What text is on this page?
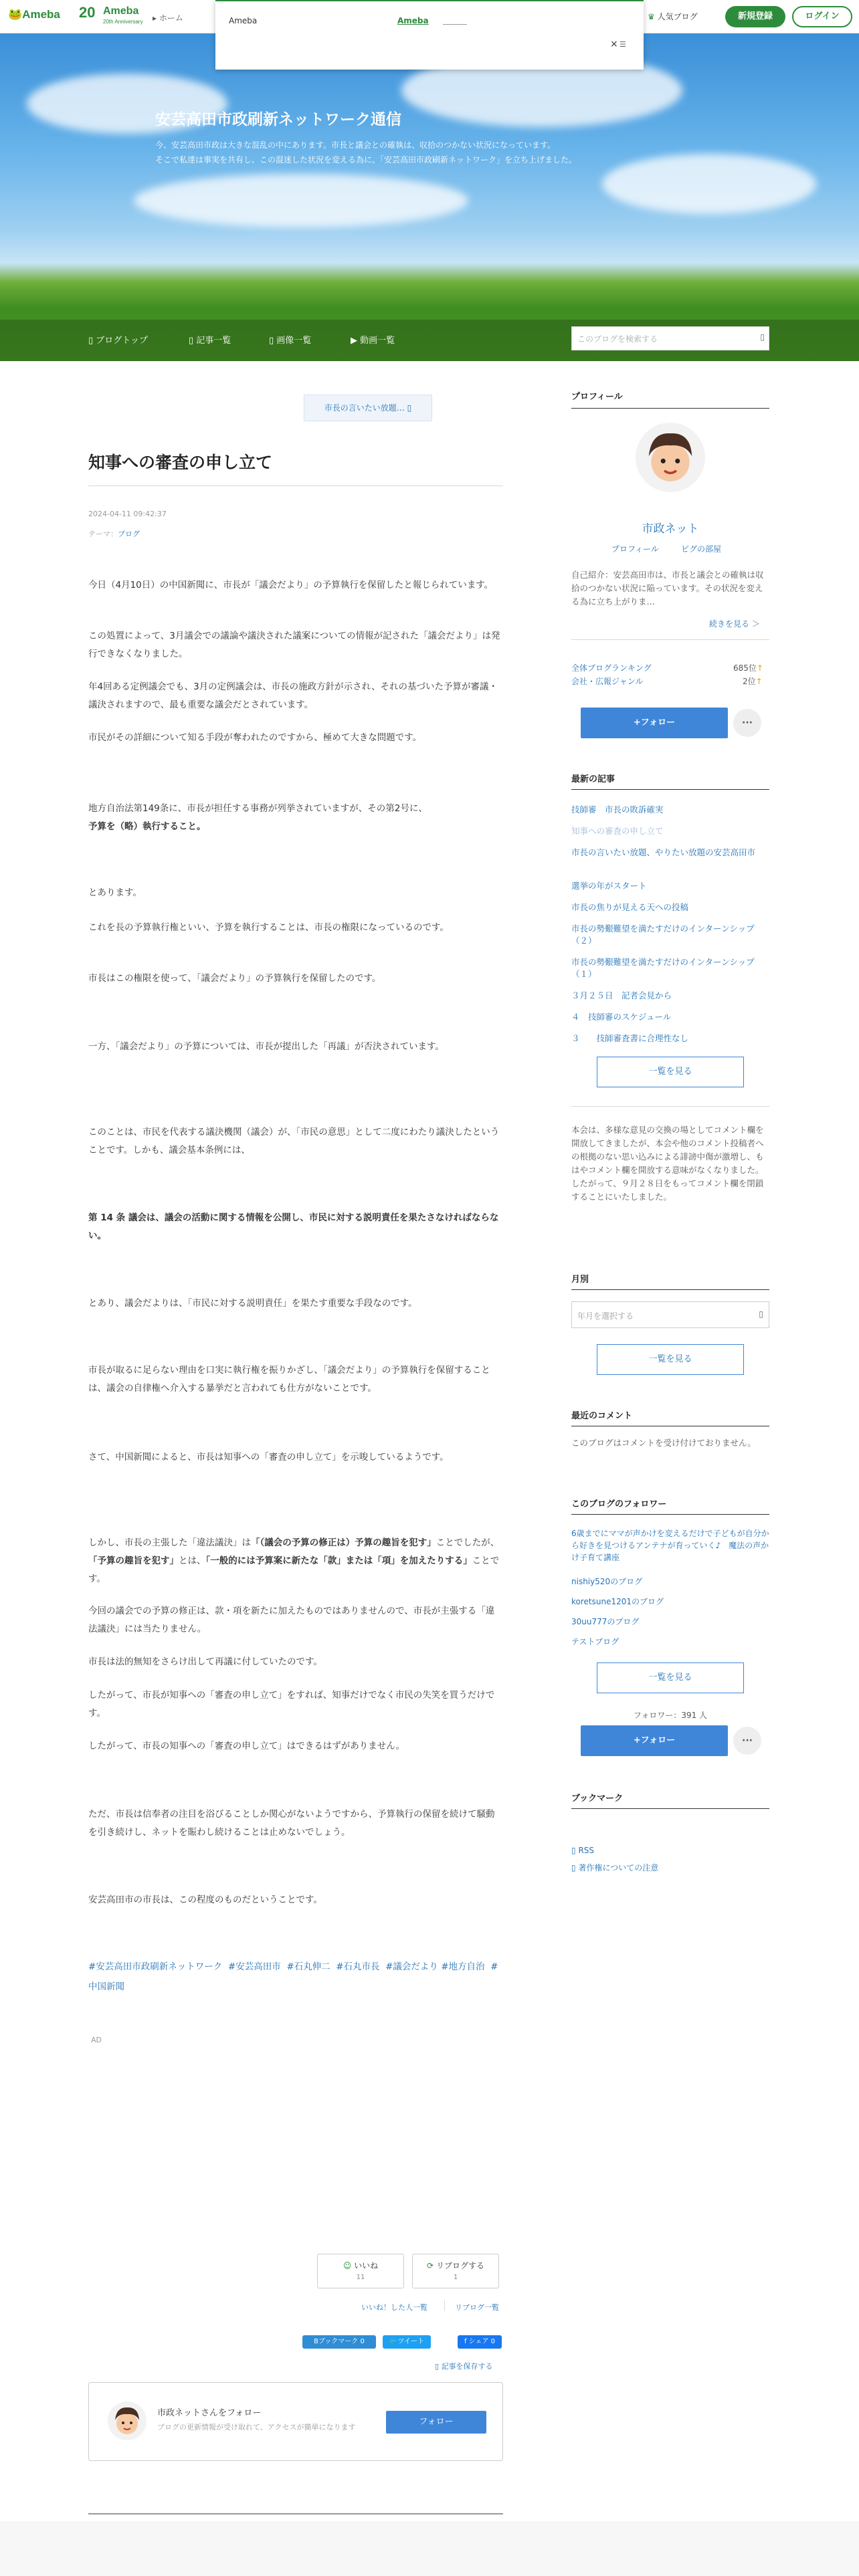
🐸Ameba 20 Ameba
20th Anniversary ▸ ホーム	♛ 人気ブログ	新規登録	ログイン
Ameba	Ameba
× ☰
安芸高田市政刷新ネットワーク通信

今、安芸高田市政は大きな混乱の中にあります。市長と議会との確執は、収拾のつかない状況になっています。

そこで私達は事実を共有し、この混迷した状況を変える為に、「安芸高田市政刷新ネットワーク」を立ち上げました。

▯ ブログトップ	▯ 記事一覧	▯ 画像一覧	▶ 動画一覧	このブログを検索する	▯
市長の言いたい放題… ▯
知事への審査の申し立て
2024-04-11 09:42:37
テーマ：ブログ
今日（4月10日）の中国新聞に、市長が「議会だより」の予算執行を保留したと報じられています。
この処置によって、3月議会での議論や議決された議案についての情報が記された「議会だより」は発行できなくなりました。
年4回ある定例議会でも、3月の定例議会は、市長の施政方針が示され、それの基づいた予算が審議・議決されますので、最も重要な議会だとされています。
市民がその詳細について知る手段が奪われたのですから、極めて大きな問題です。
地方自治法第149条に、市長が担任する事務が列挙されていますが、その第2号に、
予算を（略）執行すること。
とあります。
これを長の予算執行権といい、予算を執行することは、市長の権限になっているのです。
市長はこの権限を使って、「議会だより」の予算執行を保留したのです。
一方、「議会だより」の予算については、市長が提出した「再議」が否決されています。
このことは、市民を代表する議決機関（議会）が、「市民の意思」として二度にわたり議決したということです。しかも、議会基本条例には、
第 14 条 議会は、議会の活動に関する情報を公開し、市民に対する説明責任を果たさなければならない。
とあり、議会だよりは、「市民に対する説明責任」を果たす重要な手段なのです。
市長が取るに足らない理由を口実に執行権を振りかざし、「議会だより」の予算執行を保留することは、議会の自律権へ介入する暴挙だと言われても仕方がないことです。
さて、中国新聞によると、市長は知事への「審査の申し立て」を示唆しているようです。
しかし、市長の主張した「違法議決」は「（議会の予算の修正は）予算の趣旨を犯す」ことでしたが、「予算の趣旨を犯す」とは、「一般的には予算案に新たな「款」または「項」を加えたりする」ことです。
今回の議会での予算の修正は、款・項を新たに加えたものではありませんので、市長が主張する「違法議決」には当たりません。
市長は法的無知をさらけ出して再議に付していたのです。
したがって、市長が知事への「審査の申し立て」をすれば、知事だけでなく市民の失笑を買うだけです。
したがって、市長の知事への「審査の申し立て」はできるはずがありません。
ただ、市長は信奉者の注目を浴びることしか関心がないようですから、予算執行の保留を続けて騒動を引き続けし、ネットを賑わし続けることは止めないでしょう。
安芸高田市の市長は、この程度のものだということです。
#安芸高田市政刷新ネットワーク #安芸高田市 #石丸伸二 #石丸市長 #議会だより #地方自治 #中国新聞
AD
☺ いいね
11
⟳ リブログする
1
いいね！した人一覧	リブログ一覧
Bブックマーク 0	🐦ツイート	f シェア 0
▯ 記事を保存する
市政ネットさんをフォロー
ブログの更新情報が受け取れて、アクセスが簡単になります
フォロー
プロフィール
市政ネット
プロフィール	ピグの部屋
自己紹介：安芸高田市は、市長と議会との確執は収拾のつかない状況に陥っています。その状況を変える為に立ち上がりま…
続きを見る ＞
全体ブログランキング	685位↑
会社・広報ジャンル	2位↑
+フォロー	···
最新の記事
技師審　市長の敗訴確実
知事への審査の申し立て
市長の言いたい放題、やりたい放題の安芸高田市
選挙の年がスタート
市長の焦りが見える天への投稿
市長の勢艱難望を満たすだけのインターンシップ（２）
市長の勢艱難望を満たすだけのインターンシップ（１）
３月２５日　記者会見から
４　技師審のスケジュール
３　　技師審査書に合理性なし
一覧を見る
本会は、多様な意見の交換の場としてコメント欄を開放してきましたが、本会や他のコメント投稿者への根拠のない思い込みによる誹謗中傷が激増し、もはやコメント欄を開放する意味がなくなりました。したがって、９月２８日をもってコメント欄を閉鎖することにいたしました。
月別
年月を選択する	▯
一覧を見る
最近のコメント
このブログはコメントを受け付けておりません。
このブログのフォロワー
6歳までにママが声かけを変えるだけで子どもが自分から好きを見つけるアンテナが育っていく♪　魔法の声かけ子育て講座
nishiy520のブログ
koretsune1201のブログ
30uu777のブログ
テストブログ
一覧を見る
フォロワー：391 人
+フォロー	···
ブックマーク
▯ RSS
▯ 著作権についての注意
